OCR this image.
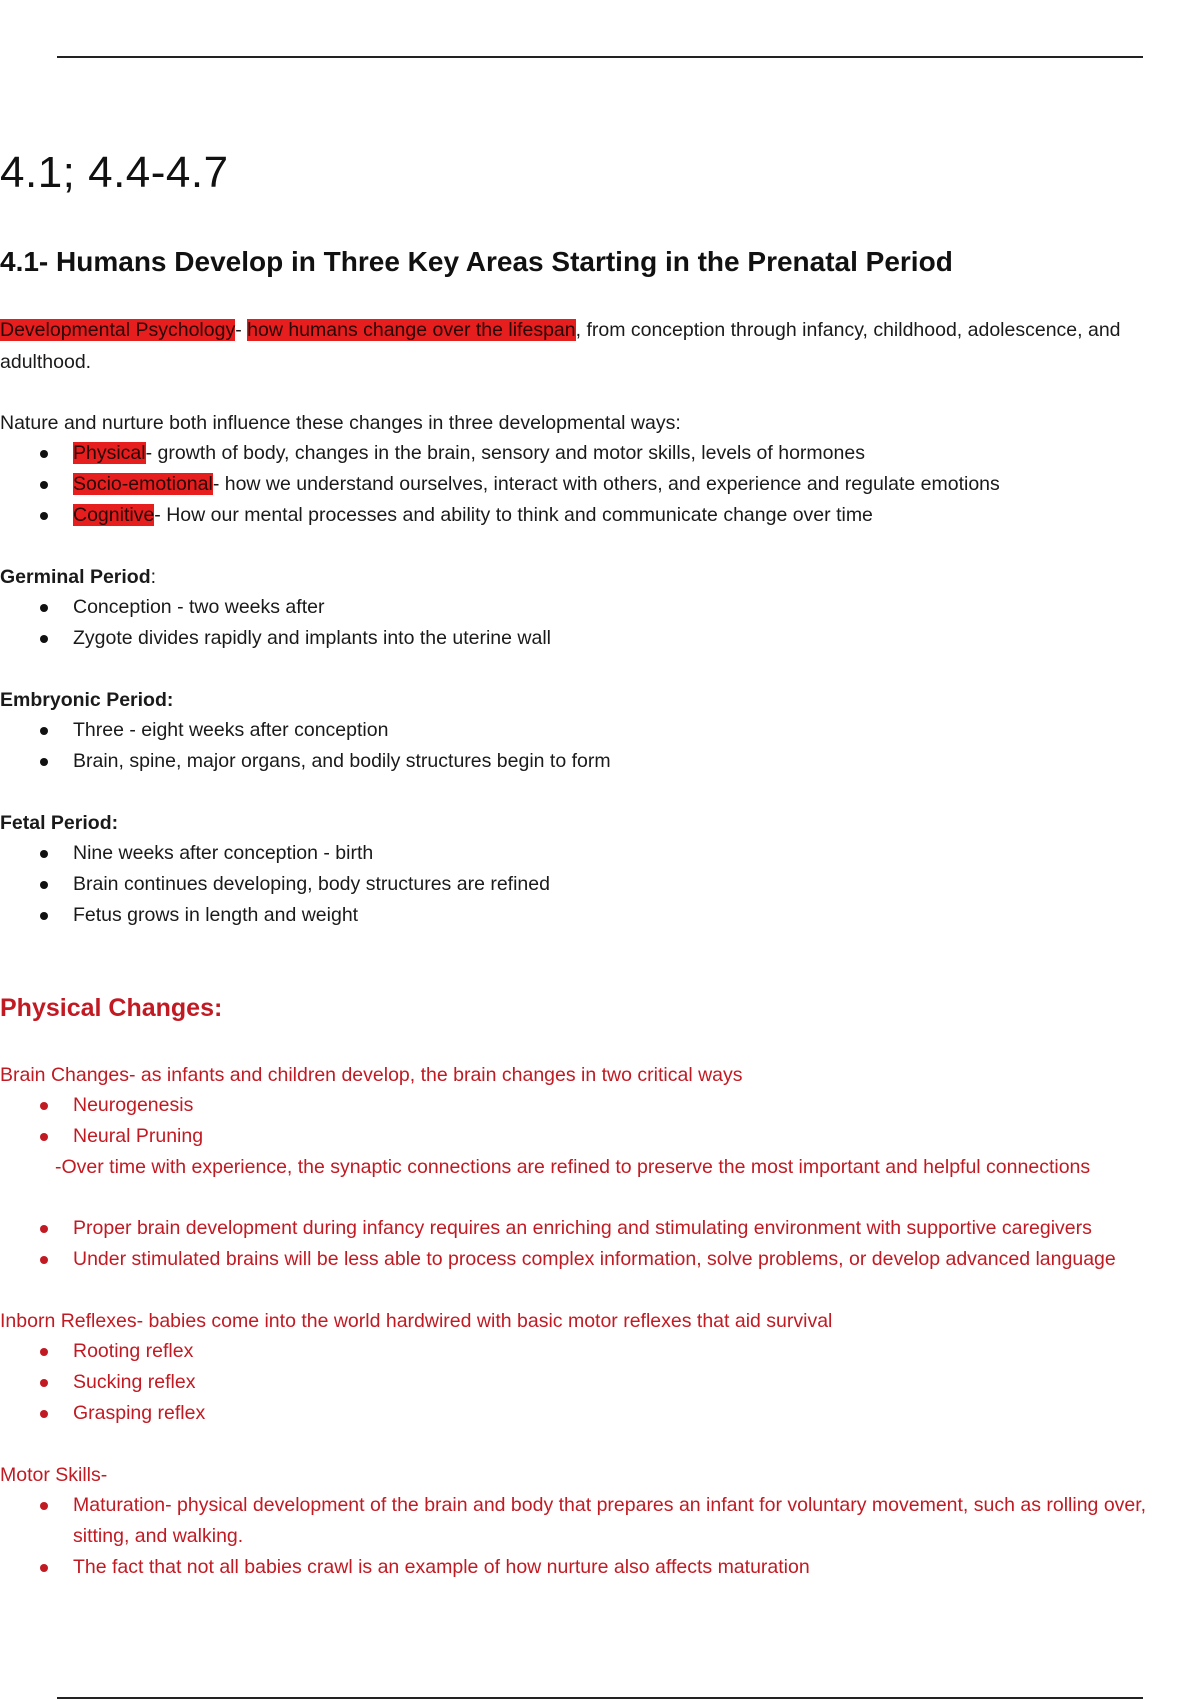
4.1; 4.4-4.7
4.1- Humans Develop in Three Key Areas Starting in the Prenatal Period

Developmental Psychology- how humans change over the lifespan, from conception through infancy, childhood, adolescence, and
adulthood.

Nature and nurture both influence these changes in three developmental ways:

Physical- growth of body, changes in the brain, sensory and motor skills, levels of hormones
Socio-emotional- how we understand ourselves, interact with others, and experience and regulate emotions
Cognitive- How our mental processes and ability to think and communicate change over time

Germinal Period:

Conception - two weeks after
Zygote divides rapidly and implants into the uterine wall

Embryonic Period:

Three - eight weeks after conception
Brain, spine, major organs, and bodily structures begin to form

Fetal Period:

Nine weeks after conception - birth
Brain continues developing, body structures are refined
Fetus grows in length and weight

Physical Changes:

Brain Changes- as infants and children develop, the brain changes in two critical ways

Neurogenesis
Neural Pruning
-Over time with experience, the synaptic connections are refined to preserve the most important and helpful connections
Proper brain development during infancy requires an enriching and stimulating environment with supportive caregivers
Under stimulated brains will be less able to process complex information, solve problems, or develop advanced language

Inborn Reflexes- babies come into the world hardwired with basic motor reflexes that aid survival

Rooting reflex
Sucking reflex
Grasping reflex

Motor Skills-

Maturation- physical development of the brain and body that prepares an infant for voluntary movement, such as rolling over, sitting, and walking.
The fact that not all babies crawl is an example of how nurture also affects maturation
